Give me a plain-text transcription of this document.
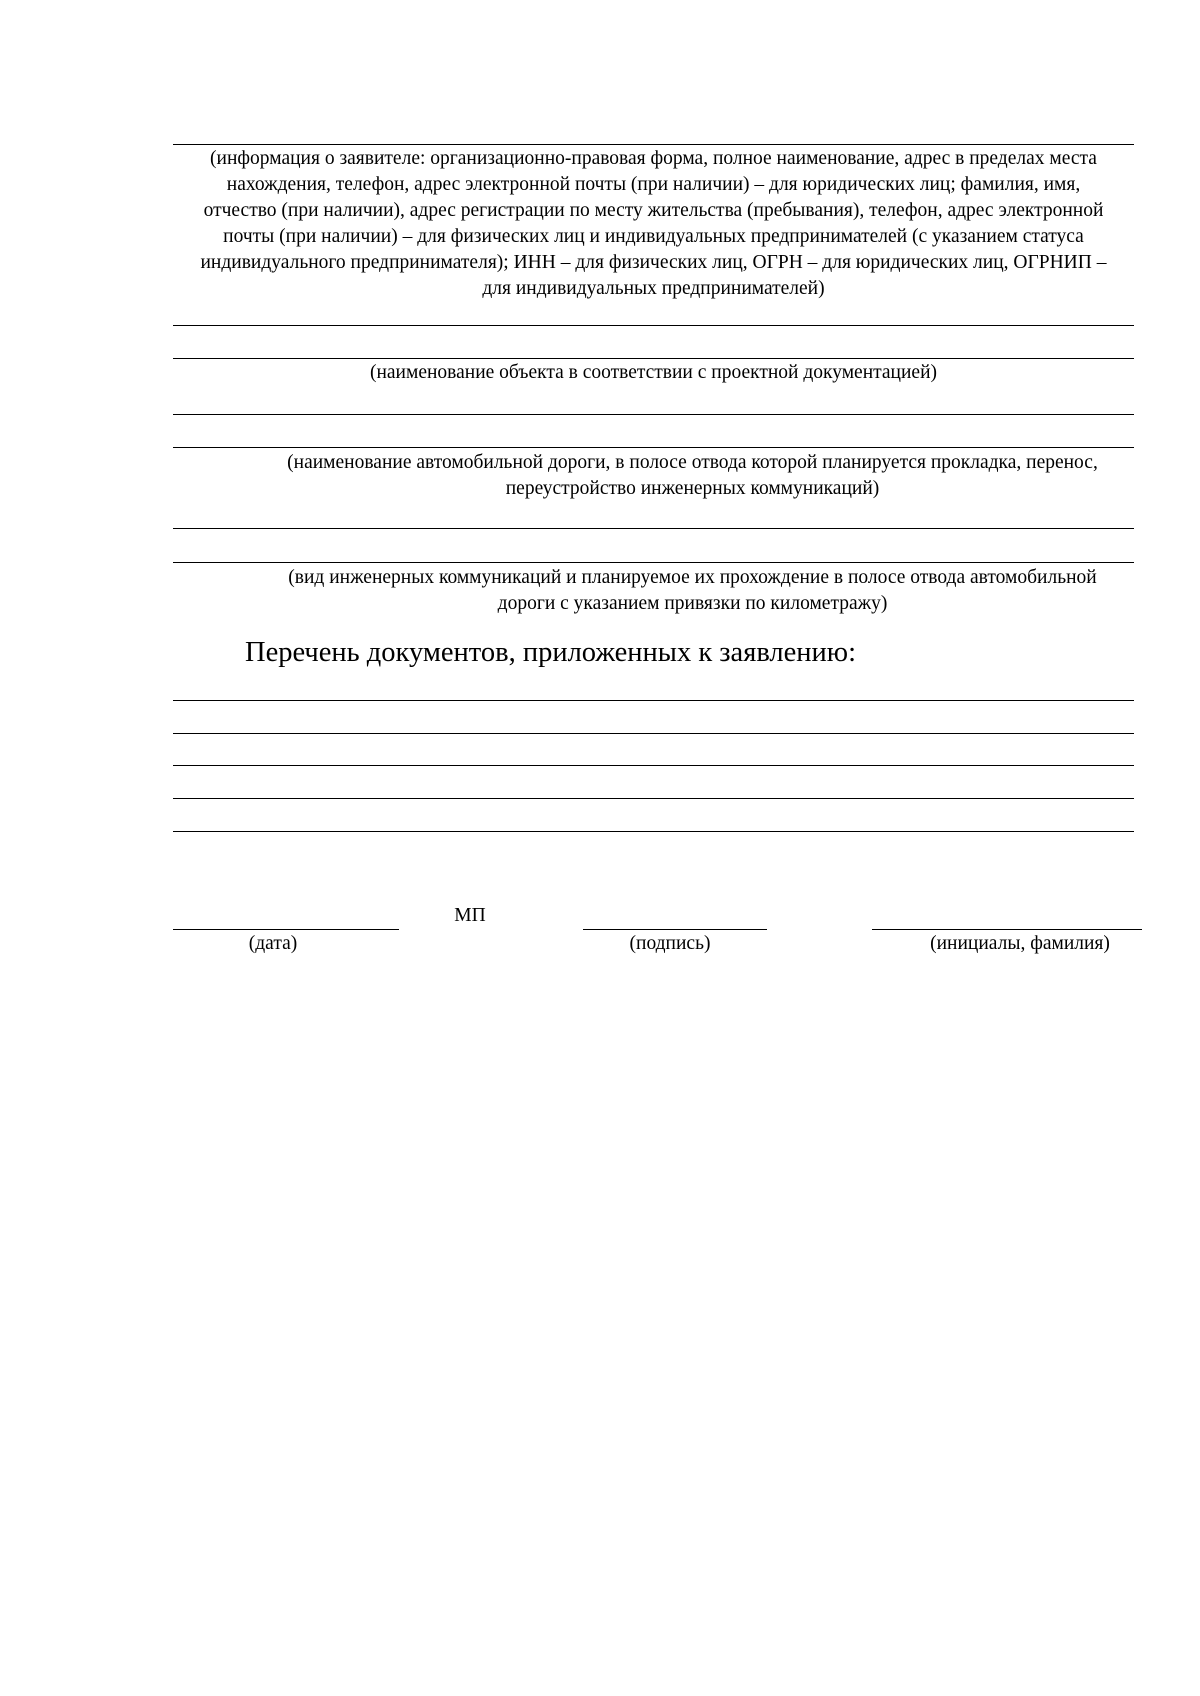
(информация о заявителе: организационно-правовая форма, полное наименование, адрес в пределах места
нахождения, телефон, адрес электронной почты (при наличии) – для юридических лиц; фамилия, имя,
отчество (при наличии), адрес регистрации по месту жительства (пребывания), телефон, адрес электронной
почты (при наличии) – для физических лиц и индивидуальных предпринимателей (с указанием статуса
индивидуального предпринимателя); ИНН – для физических лиц, ОГРН – для юридических лиц, ОГРНИП –
для индивидуальных предпринимателей)
(наименование объекта в соответствии с проектной документацией)
(наименование автомобильной дороги, в полосе отвода которой планируется прокладка, перенос,
переустройство инженерных коммуникаций)
(вид инженерных коммуникаций и планируемое их прохождение в полосе отвода автомобильной
дороги с указанием привязки по километражу)
Перечень документов, приложенных к заявлению:
(дата)
МП
(подпись)	(инициалы, фамилия)
